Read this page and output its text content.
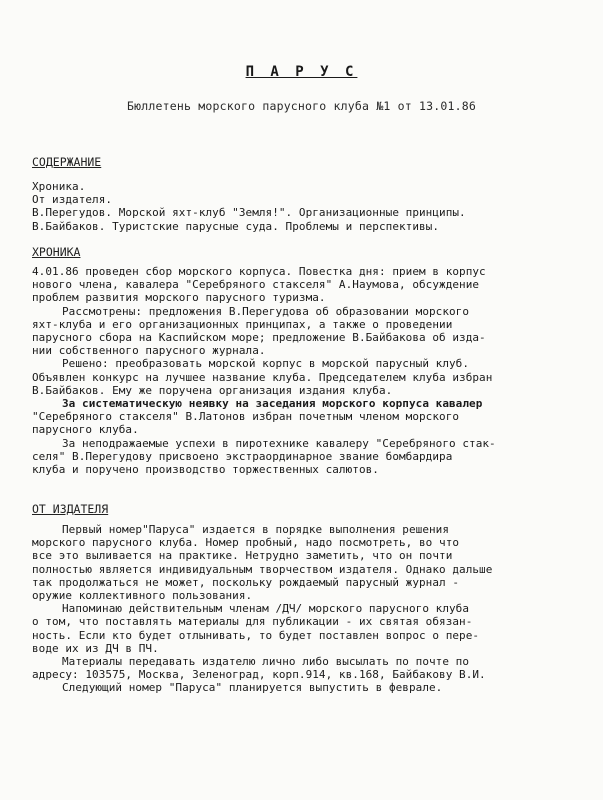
П А Р У С
Бюллетень морского парусного клуба №1 от 13.01.86
СОДЕРЖАНИЕ
Хроника.
От издателя.
В.Перегудов. Морской яхт-клуб "Земля!". Организационные принципы.
В.Байбаков. Туристские парусные суда. Проблемы и перспективы.
ХРОНИКА
4.01.86 проведен сбор морского корпуса. Повестка дня: прием в корпус
нового члена, кавалера "Серебряного стакселя" А.Наумова, обсуждение
проблем развития морского парусного туризма.
Рассмотрены: предложения В.Перегудова об образовании морского
яхт-клуба и его организационных принципах, а также о проведении
парусного сбора на Каспийском море; предложение В.Байбакова об изда-
нии собственного парусного журнала.
Решено: преобразовать морской корпус в морской парусный клуб.
Объявлен конкурс на лучшее название клуба. Председателем клуба избран
В.Байбаков. Ему же поручена организация издания клуба.
За систематическую неявку на заседания морского корпуса кавалер
"Серебряного стакселя" В.Латонов избран почетным членом морского
парусного клуба.
За неподражаемые успехи в пиротехнике кавалеру "Серебряного стак-
селя" В.Перегудову присвоено экстраординарное звание бомбардира
клуба и поручено производство торжественных салютов.
ОТ ИЗДАТЕЛЯ
Первый номер"Паруса" издается в порядке выполнения решения
морского парусного клуба. Номер пробный, надо посмотреть, во что
все это выливается на практике. Нетрудно заметить, что он почти
полностью является индивидуальным творчеством издателя. Однако дальше
так продолжаться не может, поскольку рождаемый парусный журнал -
оружие коллективного пользования.
Напоминаю действительным членам /ДЧ/ морского парусного клуба
о том, что поставлять материалы для публикации - их святая обязан-
ность. Если кто будет отлынивать, то будет поставлен вопрос о пере-
воде их из ДЧ в ПЧ.
Материалы передавать издателю лично либо высылать по почте по
адресу: 103575, Москва, Зеленоград, корп.914, кв.168, Байбакову В.И.
Следующий номер "Паруса" планируется выпустить в феврале.
